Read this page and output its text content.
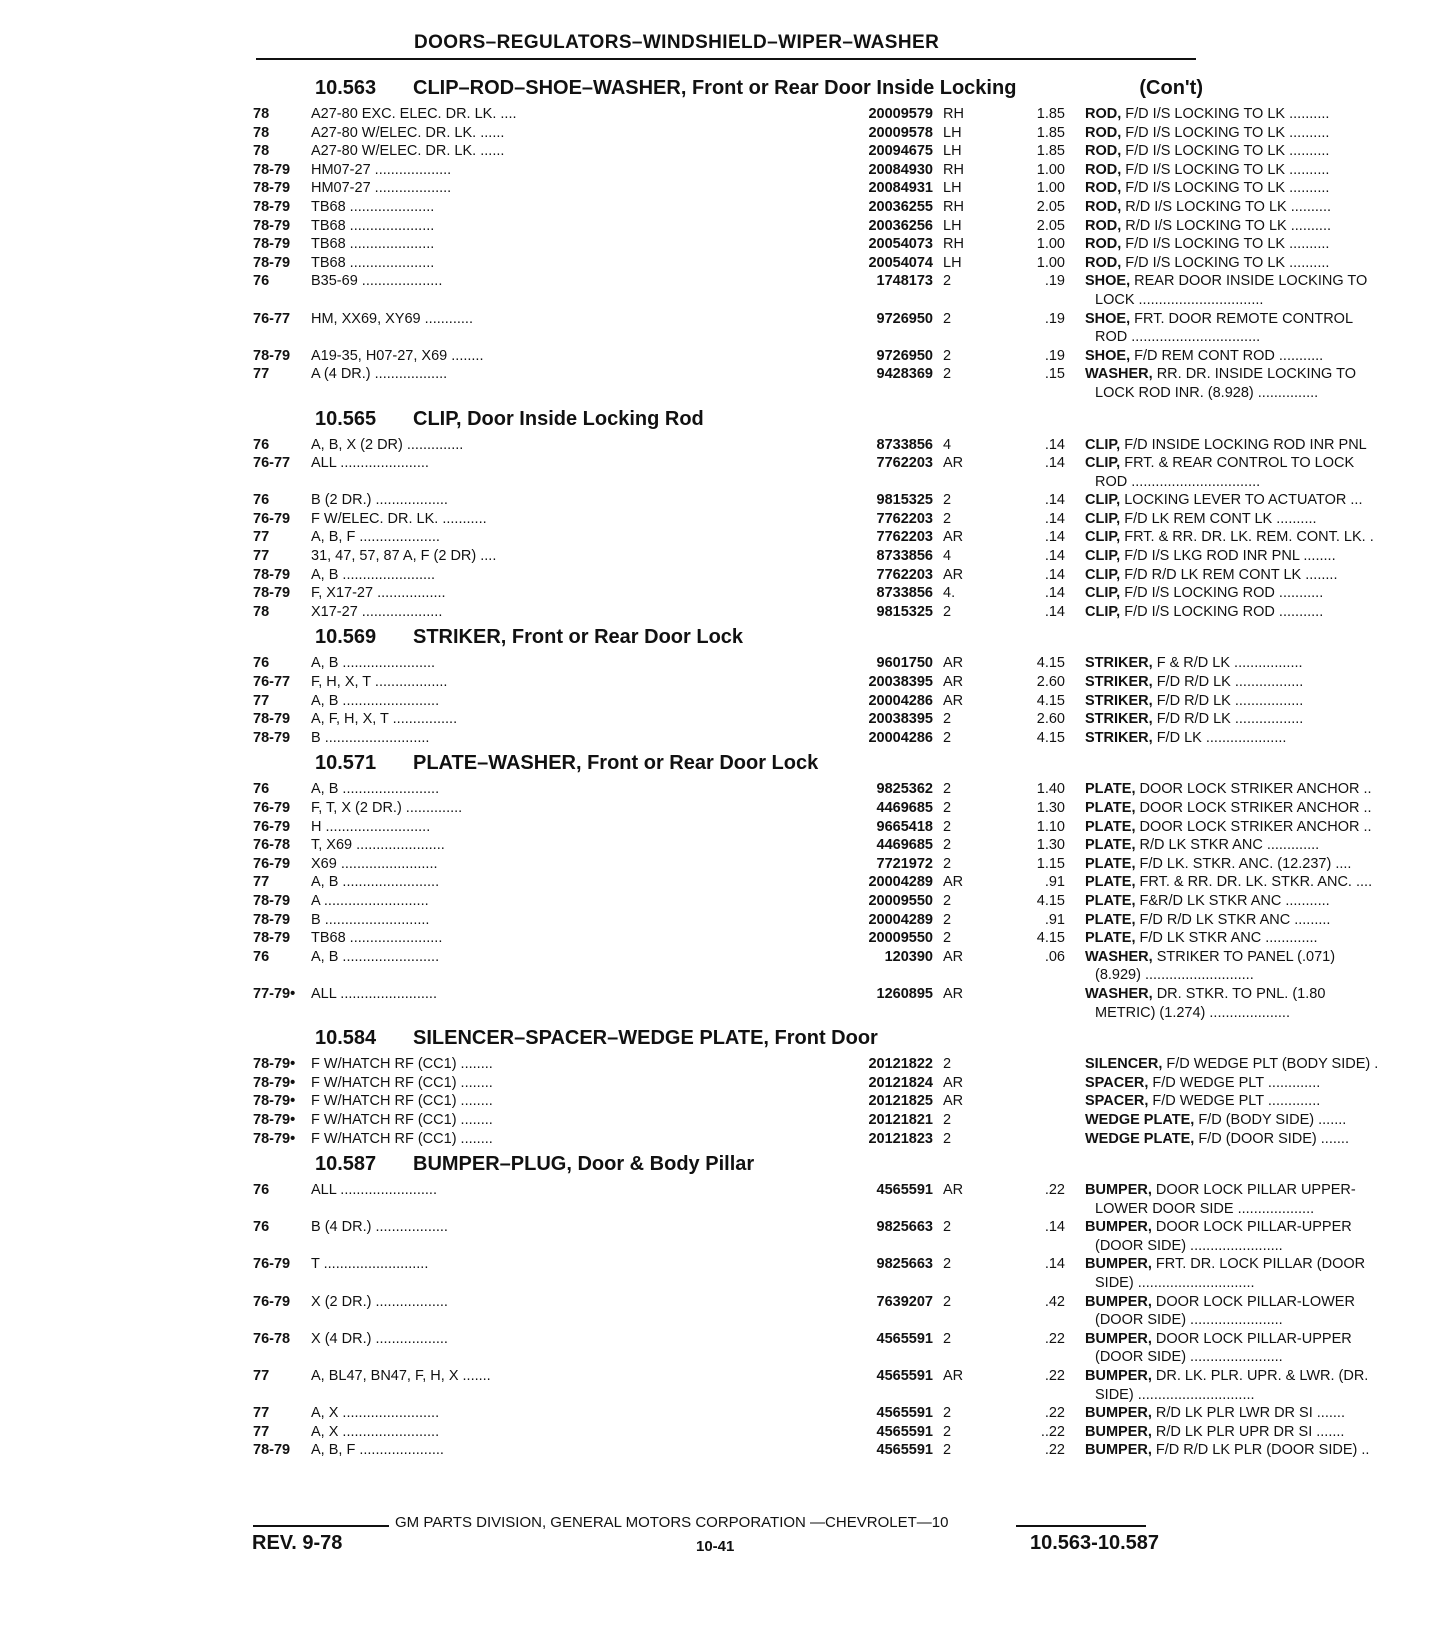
DOORS–REGULATORS–WINDSHIELD–WIPER–WASHER
10.563 CLIP–ROD–SHOE–WASHER, Front or Rear Door Inside Locking	(Con't)
78	A27-80 EXC. ELEC. DR. LK. ....	20009579 RH	1.85 ROD, F/D I/S LOCKING TO LK ..........
78	A27-80 W/ELEC. DR. LK. ......	20009578 LH	1.85 ROD, F/D I/S LOCKING TO LK ..........
78	A27-80 W/ELEC. DR. LK. ......	20094675 LH	1.85 ROD, F/D I/S LOCKING TO LK ..........
78-79	HM07-27 ...................	20084930 RH	1.00 ROD, F/D I/S LOCKING TO LK ..........
78-79	HM07-27 ...................	20084931 LH	1.00 ROD, F/D I/S LOCKING TO LK ..........
78-79	TB68 .....................	20036255 RH	2.05 ROD, R/D I/S LOCKING TO LK ..........
78-79	TB68 .....................	20036256 LH	2.05 ROD, R/D I/S LOCKING TO LK ..........
78-79	TB68 .....................	20054073 RH	1.00 ROD, F/D I/S LOCKING TO LK ..........
78-79	TB68 .....................	20054074 LH	1.00 ROD, F/D I/S LOCKING TO LK ..........
76	B35-69 ....................	1748173 2	.19 SHOE, REAR DOOR INSIDE LOCKING TO
LOCK ...............................
76-77	HM, XX69, XY69 ............	9726950 2	.19 SHOE, FRT. DOOR REMOTE CONTROL
ROD ................................
78-79	A19-35, H07-27, X69 ........	9726950 2	.19 SHOE, F/D REM CONT ROD ...........
77	A (4 DR.) ..................	9428369 2	.15 WASHER, RR. DR. INSIDE LOCKING TO
LOCK ROD INR. (8.928) ...............
10.565 CLIP, Door Inside Locking Rod
76	A, B, X (2 DR) ..............	8733856 4	.14 CLIP, F/D INSIDE LOCKING ROD INR PNL
76-77	ALL ......................	7762203 AR	.14 CLIP, FRT. & REAR CONTROL TO LOCK
ROD ................................
76	B (2 DR.) ..................	9815325 2	.14 CLIP, LOCKING LEVER TO ACTUATOR ...
76-79	F W/ELEC. DR. LK. ...........	7762203 2	.14 CLIP, F/D LK REM CONT LK ..........
77	A, B, F ....................	7762203 AR	.14 CLIP, FRT. & RR. DR. LK. REM. CONT. LK. .
77	31, 47, 57, 87 A, F (2 DR) ....	8733856 4	.14 CLIP, F/D I/S LKG ROD INR PNL ........
78-79	A, B .......................	7762203 AR	.14 CLIP, F/D R/D LK REM CONT LK ........
78-79	F, X17-27 .................	8733856 4.	.14 CLIP, F/D I/S LOCKING ROD ...........
78	X17-27 ....................	9815325 2	.14 CLIP, F/D I/S LOCKING ROD ...........
10.569 STRIKER, Front or Rear Door Lock
76	A, B .......................	9601750 AR	4.15 STRIKER, F & R/D LK .................
76-77	F, H, X, T ..................	20038395 AR	2.60 STRIKER, F/D R/D LK .................
77	A, B ........................	20004286 AR	4.15 STRIKER, F/D R/D LK .................
78-79	A, F, H, X, T ................	20038395 2	2.60 STRIKER, F/D R/D LK .................
78-79	B ..........................	20004286 2	4.15 STRIKER, F/D LK ....................
10.571 PLATE–WASHER, Front or Rear Door Lock
76	A, B ........................	9825362 2	1.40 PLATE, DOOR LOCK STRIKER ANCHOR ..
76-79	F, T, X (2 DR.) ..............	4469685 2	1.30 PLATE, DOOR LOCK STRIKER ANCHOR ..
76-79	H ..........................	9665418 2	1.10 PLATE, DOOR LOCK STRIKER ANCHOR ..
76-78	T, X69 ......................	4469685 2	1.30 PLATE, R/D LK STKR ANC .............
76-79	X69 ........................	7721972 2	1.15 PLATE, F/D LK. STKR. ANC. (12.237) ....
77	A, B ........................	20004289 AR	.91 PLATE, FRT. & RR. DR. LK. STKR. ANC. ....
78-79	A ..........................	20009550 2	4.15 PLATE, F&R/D LK STKR ANC ...........
78-79	B ..........................	20004289 2	.91 PLATE, F/D R/D LK STKR ANC .........
78-79	TB68 .......................	20009550 2	4.15 PLATE, F/D LK STKR ANC .............
76	A, B ........................	120390 AR	.06 WASHER, STRIKER TO PANEL (.071)
(8.929) ...........................
77-79•	ALL ........................	1260895 AR	WASHER, DR. STKR. TO PNL. (1.80
METRIC) (1.274) ....................
10.584 SILENCER–SPACER–WEDGE PLATE, Front Door
78-79•	F W/HATCH RF (CC1) ........	20121822 2	SILENCER, F/D WEDGE PLT (BODY SIDE) .
78-79•	F W/HATCH RF (CC1) ........	20121824 AR	SPACER, F/D WEDGE PLT .............
78-79•	F W/HATCH RF (CC1) ........	20121825 AR	SPACER, F/D WEDGE PLT .............
78-79•	F W/HATCH RF (CC1) ........	20121821 2	WEDGE PLATE, F/D (BODY SIDE) .......
78-79•	F W/HATCH RF (CC1) ........	20121823 2	WEDGE PLATE, F/D (DOOR SIDE) .......
10.587 BUMPER–PLUG, Door & Body Pillar
76	ALL ........................	4565591 AR	.22 BUMPER, DOOR LOCK PILLAR UPPER-
LOWER DOOR SIDE ...................
76	B (4 DR.) ..................	9825663 2	.14 BUMPER, DOOR LOCK PILLAR-UPPER
(DOOR SIDE) .......................
76-79	T ..........................	9825663 2	.14 BUMPER, FRT. DR. LOCK PILLAR (DOOR
SIDE) .............................
76-79	X (2 DR.) ..................	7639207 2	.42 BUMPER, DOOR LOCK PILLAR-LOWER
(DOOR SIDE) .......................
76-78	X (4 DR.) ..................	4565591 2	.22 BUMPER, DOOR LOCK PILLAR-UPPER
(DOOR SIDE) .......................
77	A, BL47, BN47, F, H, X .......	4565591 AR	.22 BUMPER, DR. LK. PLR. UPR. & LWR. (DR.
SIDE) .............................
77	A, X ........................	4565591 2	.22 BUMPER, R/D LK PLR LWR DR SI .......
77	A, X ........................	4565591 2	..22 BUMPER, R/D LK PLR UPR DR SI .......
78-79	A, B, F .....................	4565591 2	.22 BUMPER, F/D R/D LK PLR (DOOR SIDE) ..
GM PARTS DIVISION, GENERAL MOTORS CORPORATION —CHEVROLET—10
REV. 9-78	10-41	10.563-10.587
